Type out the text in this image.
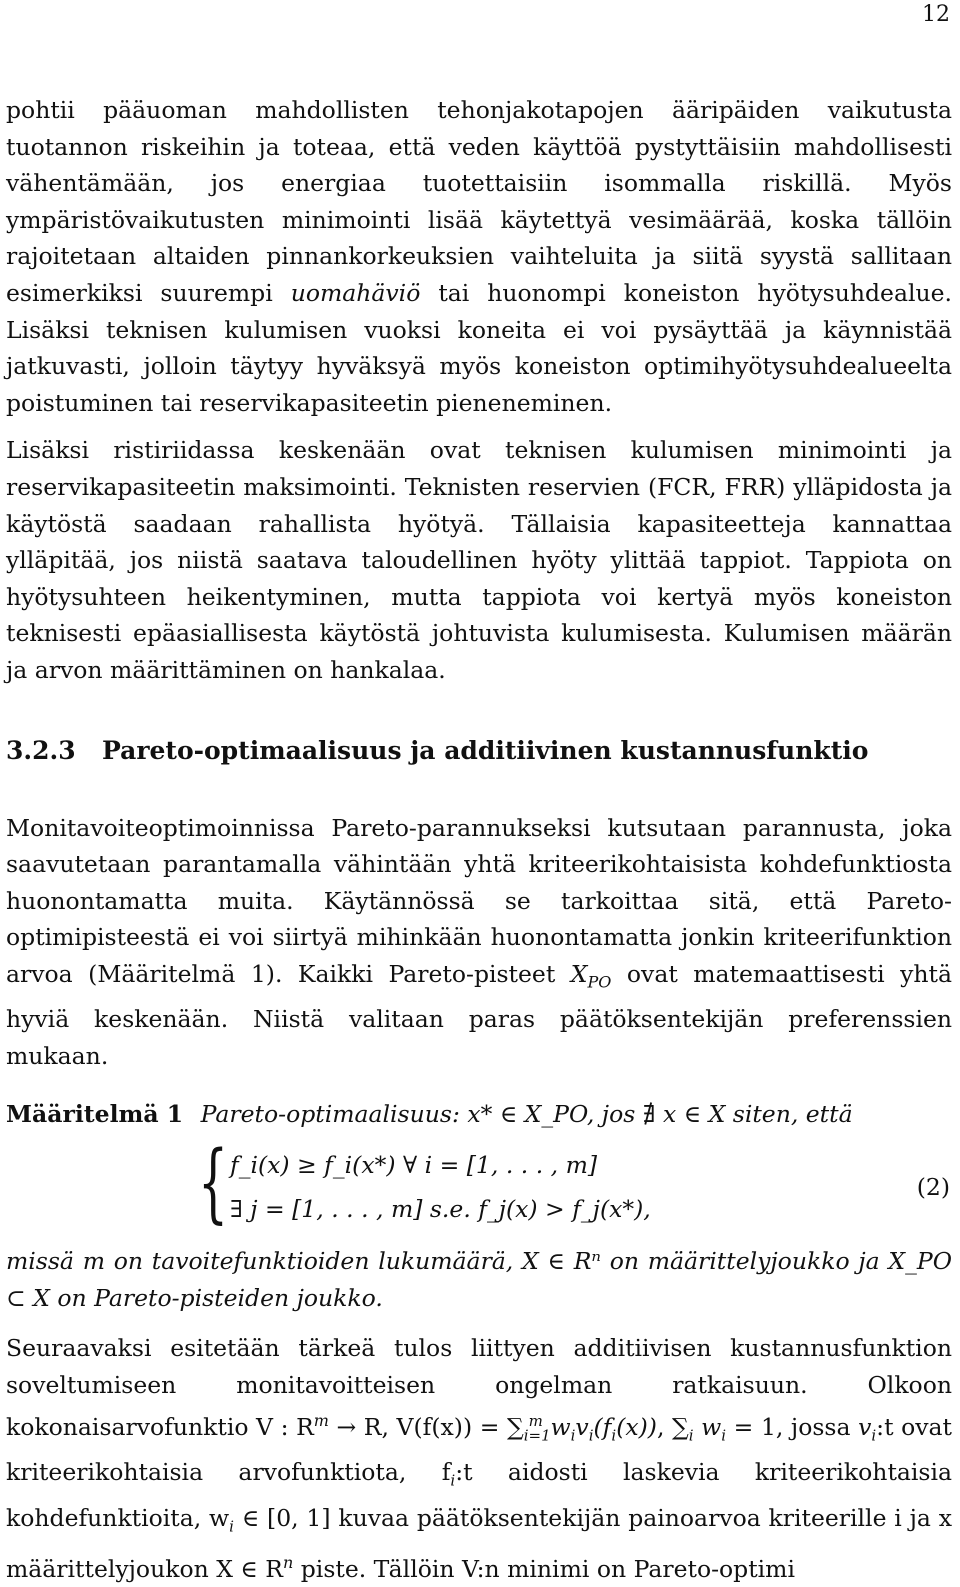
12

pohtii pääuoman mahdollisten tehonjakotapojen ääripäiden vaikutusta tuotannon riskeihin ja toteaa, että veden käyttöä pystyttäisiin mahdollisesti vähentämään, jos energiaa tuotettaisiin isommalla riskillä. Myös ympäristövaikutusten minimointi lisää käytettyä vesimäärää, koska tällöin rajoitetaan altaiden pinnankorkeuksien vaihteluita ja siitä syystä sallitaan esimerkiksi suurempi uomahäviö tai huonompi koneiston hyötysuhdealue. Lisäksi teknisen kulumisen vuoksi koneita ei voi pysäyttää ja käynnistää jatkuvasti, jolloin täytyy hyväksyä myös koneiston optimihyötysuhdealueelta poistuminen tai reservikapasiteetin pieneneminen.

Lisäksi ristiriidassa keskenään ovat teknisen kulumisen minimointi ja reservikapasiteetin maksimointi. Teknisten reservien (FCR, FRR) ylläpidosta ja käytöstä saadaan rahallista hyötyä. Tällaisia kapasiteetteja kannattaa ylläpitää, jos niistä saatava taloudellinen hyöty ylittää tappiot. Tappiota on hyötysuhteen heikentyminen, mutta tappiota voi kertyä myös koneiston teknisesti epäasiallisesta käytöstä johtuvista kulumisesta. Kulumisen määrän ja arvon määrittäminen on hankalaa.

3.2.3 Pareto-optimaalisuus ja additiivinen kustannusfunktio

Monitavoiteoptimoinnissa Pareto-parannukseksi kutsutaan parannusta, joka saavutetaan parantamalla vähintään yhtä kriteerikohtaisista kohdefunktiosta huonontamatta muita. Käytännössä se tarkoittaa sitä, että Pareto-optimipisteestä ei voi siirtyä mihinkään huonontamatta jonkin kriteerifunktion arvoa (Määritelmä 1). Kaikki Pareto-pisteet $X_{PO}$ ovat matemaattisesti yhtä hyviä keskenään. Niistä valitaan paras päätöksentekijän preferenssien mukaan.

Määritelmä 1 Pareto-optimaalisuus: x* ∈ X_PO, jos ∄ x ∈ X siten, että
{ f_i(x) ≥ f_i(x*) ∀ i = [1, . . . , m]
∃ j = [1, . . . , m] s.e. f_j(x) > f_j(x*),
(2)

missä m on tavoitefunktioiden lukumäärä, X ∈ Rⁿ on määrittelyjoukko ja X_PO ⊂ X on Pareto-pisteiden joukko.

Seuraavaksi esitetään tärkeä tulos liittyen additiivisen kustannusfunktion soveltumiseen monitavoitteisen ongelman ratkaisuun. Olkoon kokonaisarvofunktio V : $R^m \to R$, $V(f(x)) = \sum_{i=1}^m$ $w_iv_i(f_i(x))$, $\sum_i$ $w_i = 1$, jossa $v_i:t$ ovat kriteerikohtaisia arvofunktiota, $f_i:t$ aidosti laskevia kriteerikohtaisia kohdefunktioita, $w_i$ ∈ [0, 1] kuvaa päätöksentekijän painoarvoa kriteerille i ja x määrittelyjoukon X ∈ $R^n$ piste. Tällöin V:n minimi on Pareto-optimi
